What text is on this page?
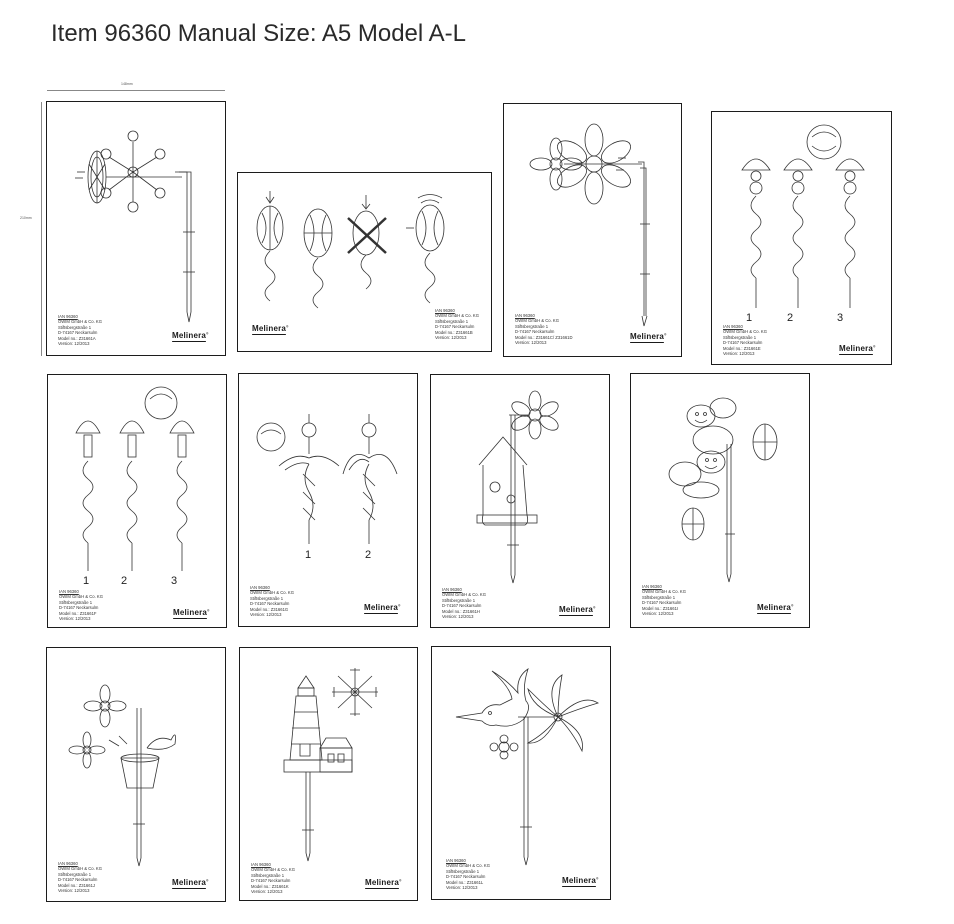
Item 96360 Manual Size: A5 Model A-L
148mm
210mm
IAN 96360
OWIM GmbH & Co. KG
Stiftsbergstraße 1
D-74167 Neckarsulm
Model no.: Z31661A
Version: 12/2013
Melinera®
IAN 96360
OWIM GmbH & Co. KG
Stiftsbergstraße 1
D-74167 Neckarsulm
Model no.: Z31661B
Version: 12/2013
Melinera®
IAN 96360
OWIM GmbH & Co. KG
Stiftsbergstraße 1
D-74167 Neckarsulm
Model no.: Z31661C/ Z31661D
Version: 12/2013
Melinera®
1	2	3
IAN 96360
OWIM GmbH & Co. KG
Stiftsbergstraße 1
D-74167 Neckarsulm
Model no.: Z31661E
Version: 12/2013
Melinera®
1	2	3
IAN 96360
OWIM GmbH & Co. KG
Stiftsbergstraße 1
D-74167 Neckarsulm
Model no.: Z31661F
Version: 12/2013
Melinera®
1	2
IAN 96360
OWIM GmbH & Co. KG
Stiftsbergstraße 1
D-74167 Neckarsulm
Model no.: Z31661G
Version: 12/2013
Melinera®
IAN 96360
OWIM GmbH & Co. KG
Stiftsbergstraße 1
D-74167 Neckarsulm
Model no.: Z31661H
Version: 12/2013
Melinera®
IAN 96360
OWIM GmbH & Co. KG
Stiftsbergstraße 1
D-74167 Neckarsulm
Model no.: Z31661I
Version: 12/2013
Melinera®
IAN 96360
OWIM GmbH & Co. KG
Stiftsbergstraße 1
D-74167 Neckarsulm
Model no.: Z31661J
Version: 12/2013
Melinera®
IAN 96360
OWIM GmbH & Co. KG
Stiftsbergstraße 1
D-74167 Neckarsulm
Model no.: Z31661K
Version: 12/2013
Melinera®
IAN 96360
OWIM GmbH & Co. KG
Stiftsbergstraße 1
D-74167 Neckarsulm
Model no.: Z31661L
Version: 12/2013
Melinera®
